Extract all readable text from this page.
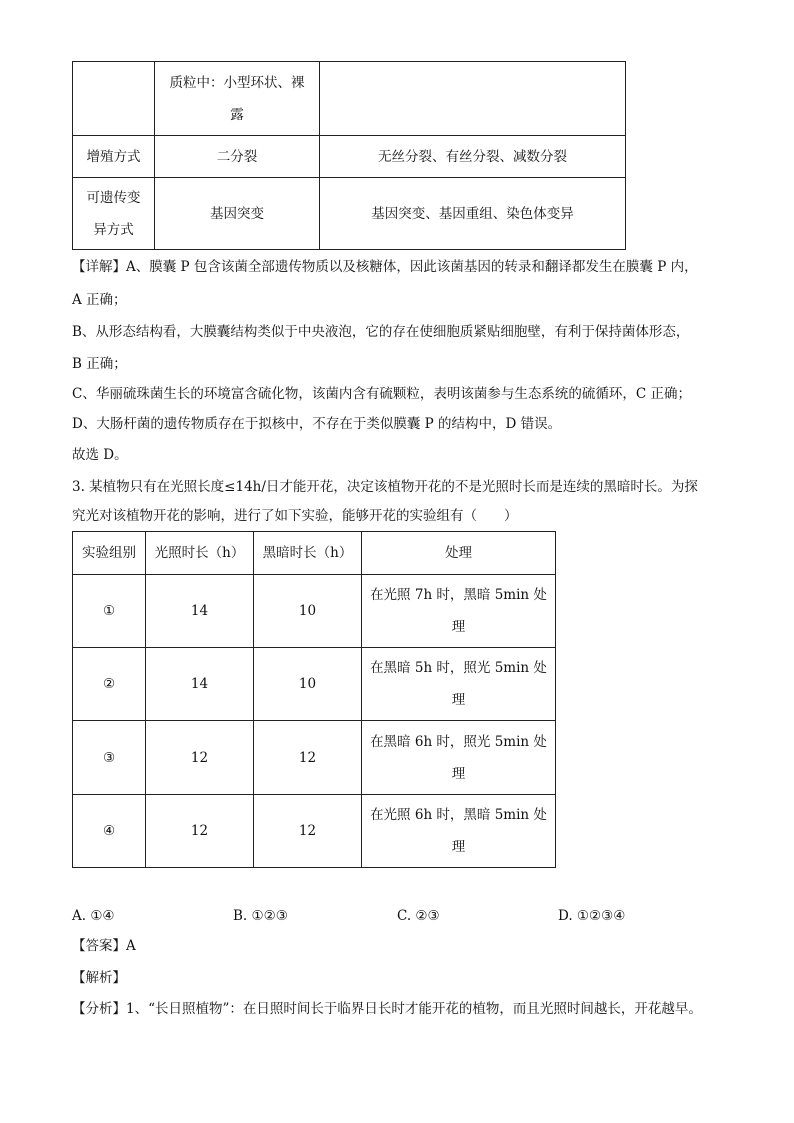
	质粒中：小型环状、裸
露	
增殖方式	二分裂	无丝分裂、有丝分裂、减数分裂
可遗传变
异方式	基因突变	基因突变、基因重组、染色体变异
【详解】A、膜囊 P 包含该菌全部遗传物质以及核糖体，因此该菌基因的转录和翻译都发生在膜囊 P 内，
A 正确；
B、从形态结构看，大膜囊结构类似于中央液泡，它的存在使细胞质紧贴细胞壁，有利于保持菌体形态，
B 正确；
C、华丽硫珠菌生长的环境富含硫化物，该菌内含有硫颗粒，表明该菌参与生态系统的硫循环，C 正确；
D、大肠杆菌的遗传物质存在于拟核中，不存在于类似膜囊 P 的结构中，D 错误。
故选 D。
3. 某植物只有在光照长度≤14h/日才能开花，决定该植物开花的不是光照时长而是连续的黑暗时长。为探
究光对该植物开花的影响，进行了如下实验，能够开花的实验组有（　　）
实验组别	光照时长（h）	黑暗时长（h）	处理
①	14	10	在光照 7h 时，黑暗 5min 处
理
②	14	10	在黑暗 5h 时，照光 5min 处
理
③	12	12	在黑暗 6h 时，照光 5min 处
理
④	12	12	在光照 6h 时，黑暗 5min 处
理
A. ①④	B. ①②③	C. ②③	D. ①②③④
【答案】A
【解析】
【分析】1、“长日照植物”：在日照时间长于临界日长时才能开花的植物，而且光照时间越长，开花越早。
